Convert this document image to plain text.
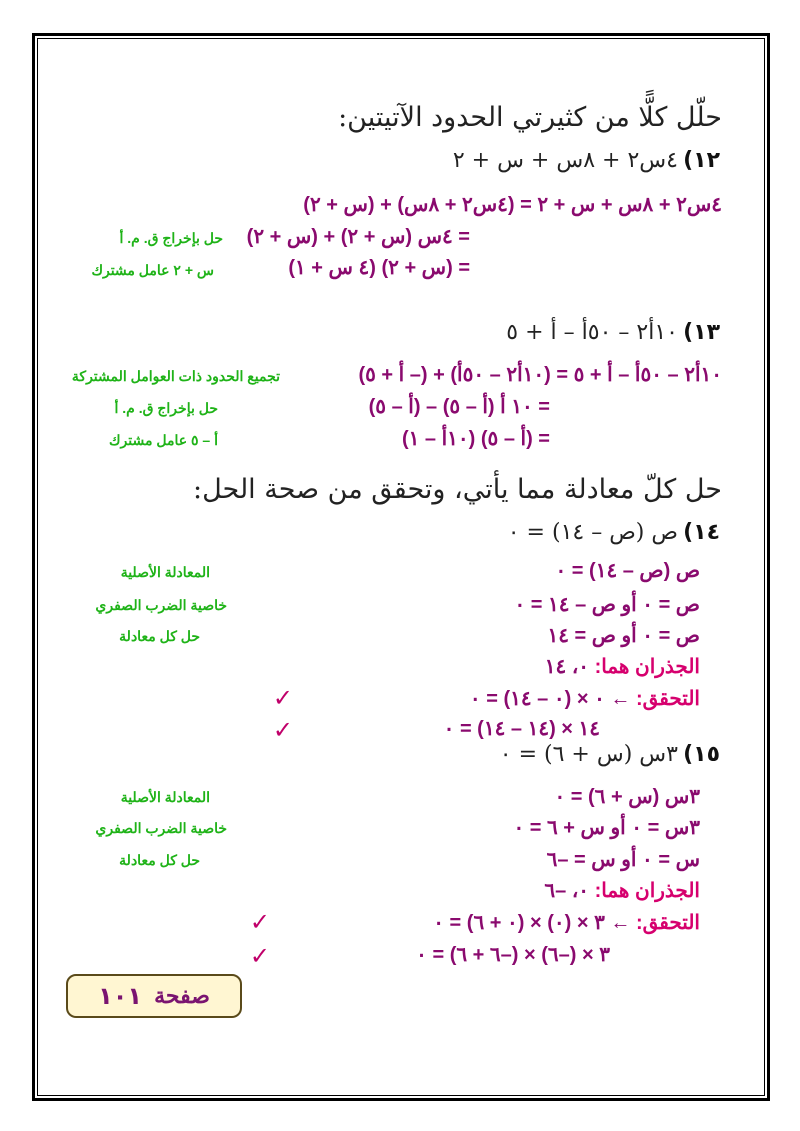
حلّل كلًّا من كثيرتي الحدود الآتيتين:
١٢) ٤س٢ + ٨س + س + ٢
٤س٢ + ٨س + س + ٢ = (٤س٢ + ٨س) + (س + ٢)
= ٤س (س + ٢) + (س + ٢)
حل بإخراج ق. م. أ
= (س + ٢) (٤ س + ١)
س + ٢ عامل مشترك
١٣) ١٠أ٢ – ٥٠أ – أ + ٥
١٠أ٢ – ٥٠أ – أ + ٥ = (١٠أ٢ – ٥٠أ) + (– أ + ٥)
تجميع الحدود ذات العوامل المشتركة
= ١٠ أ (أ – ٥) – (أ – ٥)
حل بإخراج ق. م. أ
= (أ – ٥) (١٠أ – ١)
أ – ٥ عامل مشترك
حل كلّ معادلة مما يأتي، وتحقق من صحة الحل:
١٤) ص (ص – ١٤) = ٠
ص (ص – ١٤) = ٠
المعادلة الأصلية
ص = ٠ أو ص – ١٤ = ٠
خاصية الضرب الصفري
ص = ٠ أو ص = ١٤
حل كل معادلة
الجذران هما: ٠، ١٤
التحقق: ← ٠ × (٠ – ١٤) = ٠
✓
١٤ × (١٤ – ١٤) = ٠
✓
١٥) ٣س (س + ٦) = ٠
٣س (س + ٦) = ٠
المعادلة الأصلية
٣س = ٠ أو س + ٦ = ٠
خاصية الضرب الصفري
س = ٠ أو س = –٦
حل كل معادلة
الجذران هما: ٠، –٦
التحقق: ← ٣ × (٠) × (٠ + ٦) = ٠
✓
٣ × (–٦) × (–٦ + ٦) = ٠
✓
صفحة
١٠١
